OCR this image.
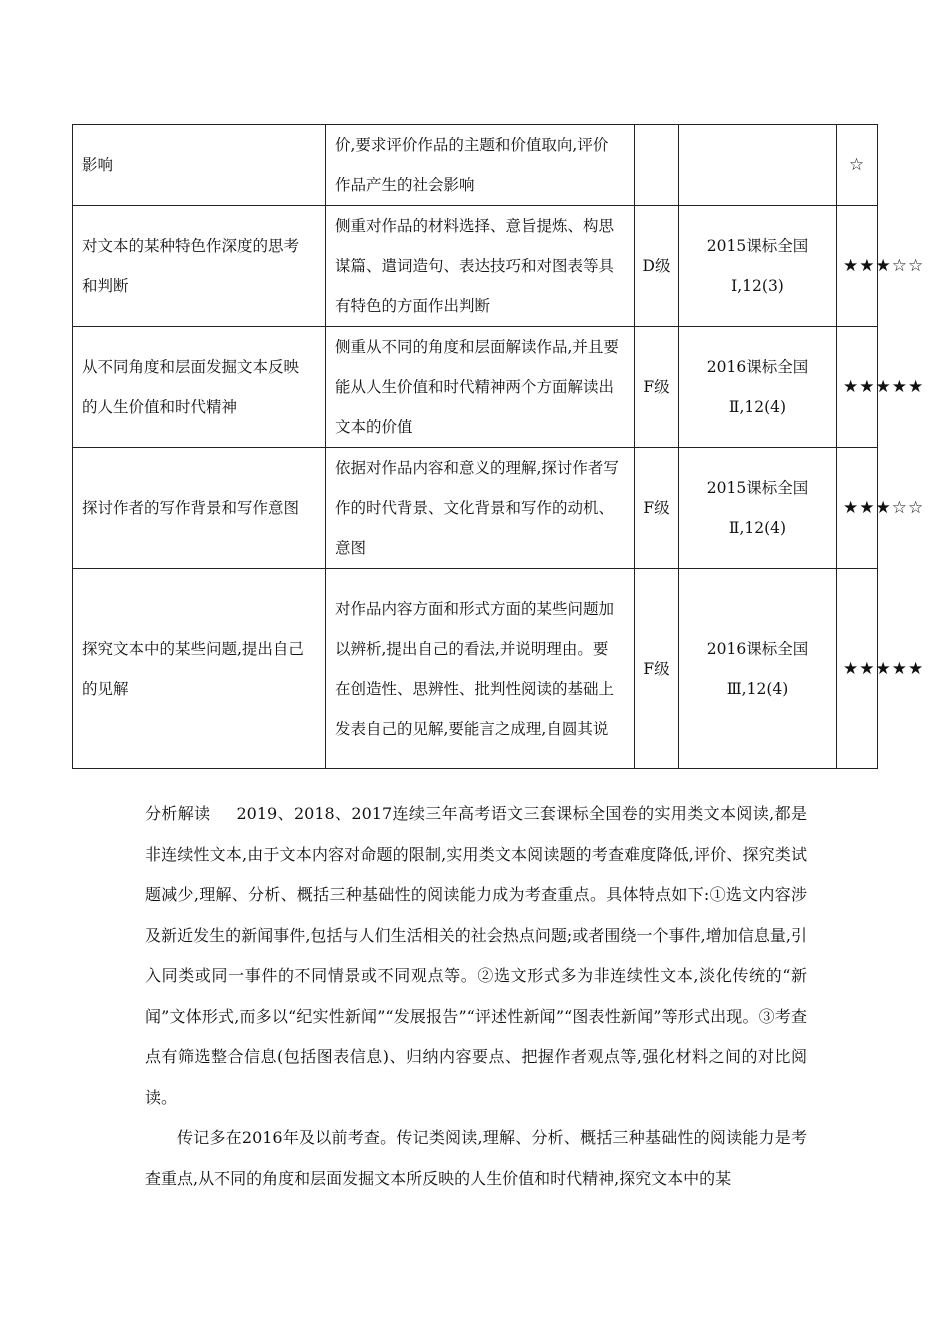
影响	价,要求评价作品的主题和价值取向,评价作品产生的社会影响			☆

对文本的某种特色作深度的思考和判断	侧重对作品的材料选择、意旨提炼、构思谋篇、遣词造句、表达技巧和对图表等具有特色的方面作出判断	D级	2015课标全国Ⅰ,12(3)	★★★☆☆

从不同角度和层面发掘文本反映的人生价值和时代精神	侧重从不同的角度和层面解读作品,并且要能从人生价值和时代精神两个方面解读出文本的价值	F级	2016课标全国Ⅱ,12(4)	★★★★★

探讨作者的写作背景和写作意图	依据对作品内容和意义的理解,探讨作者写作的时代背景、文化背景和写作的动机、意图	F级	2015课标全国Ⅱ,12(4)	★★★☆☆

探究文本中的某些问题,提出自己的见解	对作品内容方面和形式方面的某些问题加以辨析,提出自己的看法,并说明理由。要在创造性、思辨性、批判性阅读的基础上发表自己的见解,要能言之成理,自圆其说	F级	2016课标全国Ⅲ,12(4)	★★★★★

分析解读 2019、2018、2017连续三年高考语文三套课标全国卷的实用类文本阅读,都是非连续性文本,由于文本内容对命题的限制,实用类文本阅读题的考查难度降低,评价、探究类试题减少,理解、分析、概括三种基础性的阅读能力成为考查重点。具体特点如下:①选文内容涉及新近发生的新闻事件,包括与人们生活相关的社会热点问题;或者围绕一个事件,增加信息量,引入同类或同一事件的不同情景或不同观点等。②选文形式多为非连续性文本,淡化传统的“新闻”文体形式,而多以“纪实性新闻”“发展报告”“评述性新闻”“图表性新闻”等形式出现。③考查点有筛选整合信息(包括图表信息)、归纳内容要点、把握作者观点等,强化材料之间的对比阅读。

传记多在2016年及以前考查。传记类阅读,理解、分析、概括三种基础性的阅读能力是考查重点,从不同的角度和层面发掘文本所反映的人生价值和时代精神,探究文本中的某
